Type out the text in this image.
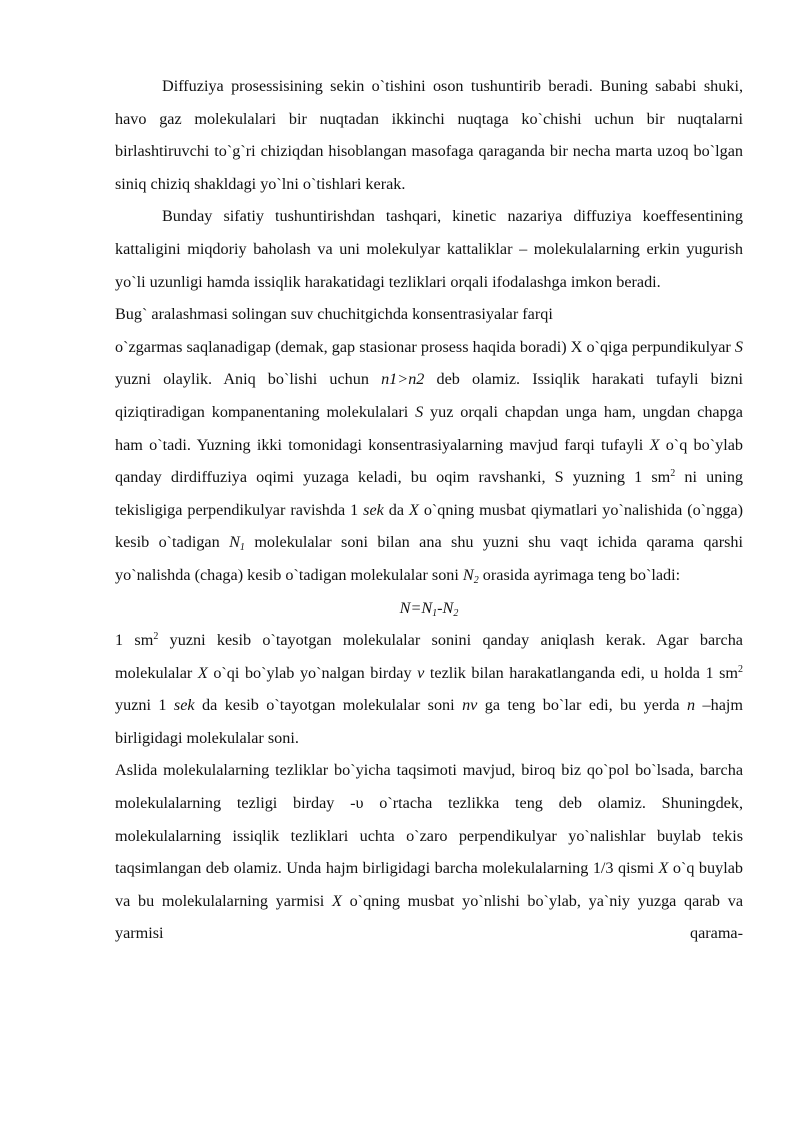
Diffuziya prosessisining sekin o`tishini oson tushuntirib beradi. Buning sababi shuki, havo gaz molekulalari bir nuqtadan ikkinchi nuqtaga ko`chishi uchun bir nuqtalarni birlashtiruvchi to`g`ri chiziqdan hisoblangan masofaga qaraganda bir necha marta uzoq bo`lgan siniq chiziq shakldagi yo`lni o`tishlari kerak.

Bunday sifatiy tushuntirishdan tashqari, kinetic nazariya diffuziya koeffesentining kattaligini miqdoriy baholash va uni molekulyar kattaliklar – molekulalarning erkin yugurish yo`li uzunligi hamda issiqlik harakatidagi tezliklari orqali ifodalashga imkon beradi.

Bug` aralashmasi solingan suv chuchitgichda konsentrasiyalar farqi

o`zgarmas saqlanadigap (demak, gap stasionar prosess haqida boradi) X o`qiga perpundikulyar S yuzni olaylik. Aniq bo`lishi uchun n1>n2 deb olamiz. Issiqlik harakati tufayli bizni qiziqtiradigan kompanentaning molekulalari S yuz orqali chapdan unga ham, ungdan chapga ham o`tadi. Yuzning ikki tomonidagi konsentrasiyalarning mavjud farqi tufayli X o`q bo`ylab qanday dirdiffuziya oqimi yuzaga keladi, bu oqim ravshanki, S yuzning 1 $sm^2$ ni uning tekisligiga perpendikulyar ravishda 1 sek da X o`qning musbat qiymatlari yo`nalishida (o`ngga) kesib o`tadigan $N_1$ molekulalar soni bilan ana shu yuzni shu vaqt ichida qarama qarshi yo`nalishda (chaga) kesib o`tadigan molekulalar soni $N_2$ orasida ayrimaga teng bo`ladi:

$N=N_1-N_2$

1 $sm^2$ yuzni kesib o`tayotgan molekulalar sonini qanday aniqlash kerak. Agar barcha molekulalar X o`qi bo`ylab yo`nalgan birday v tezlik bilan harakatlanganda edi, u holda 1 $sm^2$ yuzni 1 sek da kesib o`tayotgan molekulalar soni nv ga teng bo`lar edi, bu yerda n –hajm birligidagi molekulalar soni.

Aslida molekulalarning tezliklar bo`yicha taqsimoti mavjud, biroq biz qo`pol bo`lsada, barcha molekulalarning tezligi birday -υ o`rtacha tezlikka teng deb olamiz. Shuningdek, molekulalarning issiqlik tezliklari uchta o`zaro perpendikulyar yo`nalishlar buylab tekis taqsimlangan deb olamiz. Unda hajm birligidagi barcha molekulalarning 1/3 qismi X o`q buylab va bu molekulalarning yarmisi X o`qning musbat yo`nlishi bo`ylab, ya`niy yuzga qarab va yarmisi qarama-
